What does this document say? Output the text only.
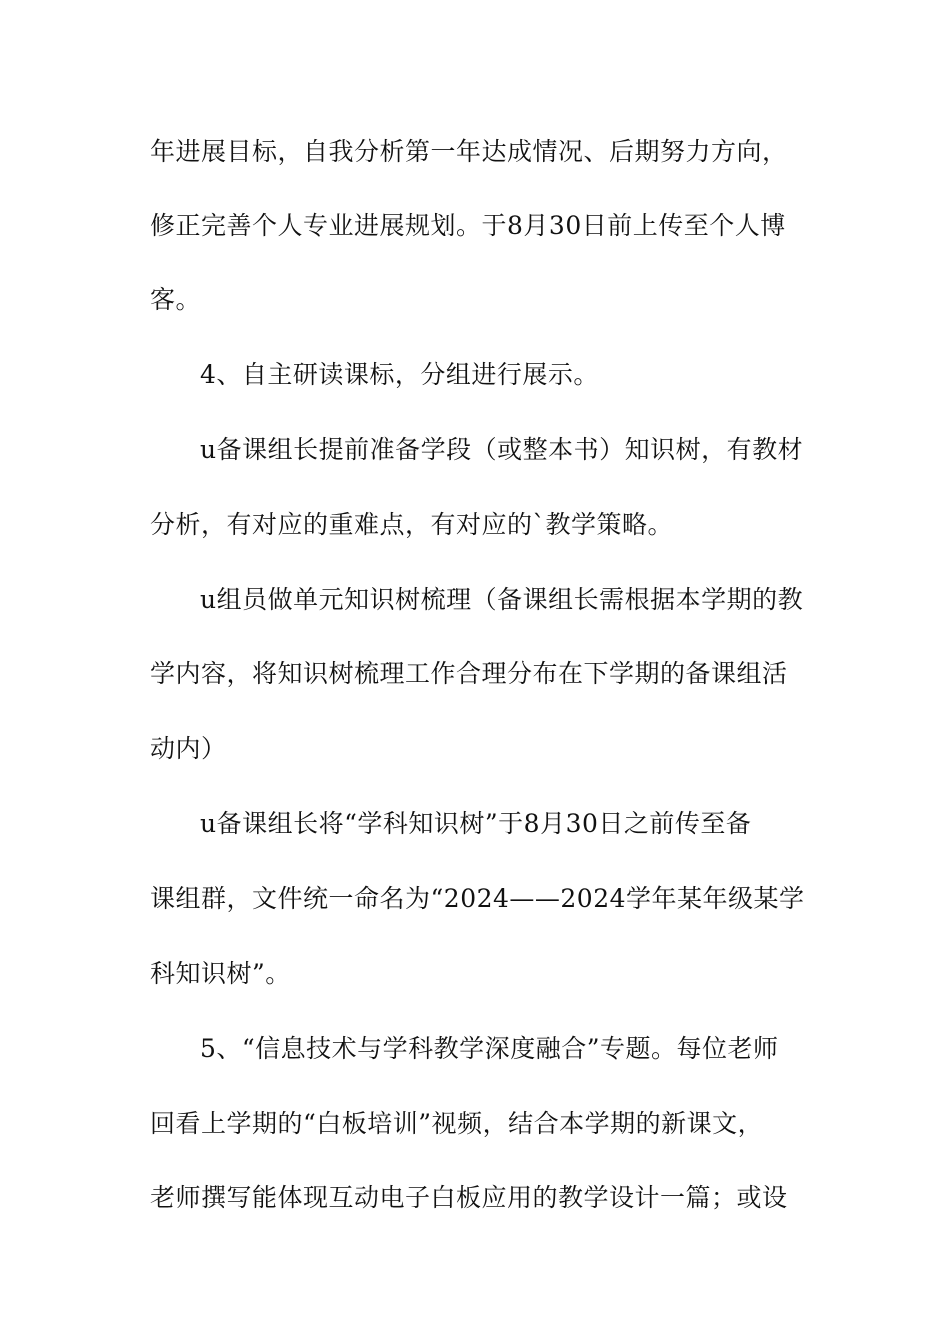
年进展目标，自我分析第一年达成情况、后期努力方向，
修正完善个人专业进展规划。于8月30日前上传至个人博
客。
4、自主研读课标，分组进行展示。
u备课组长提前准备学段（或整本书）知识树，有教材
分析，有对应的重难点，有对应的`教学策略。
u组员做单元知识树梳理（备课组长需根据本学期的教
学内容，将知识树梳理工作合理分布在下学期的备课组活
动内）
u备课组长将“学科知识树”于8月30日之前传至备
课组群，文件统一命名为“2024——2024学年某年级某学
科知识树”。
5、“信息技术与学科教学深度融合”专题。每位老师
回看上学期的“白板培训”视频，结合本学期的新课文，
老师撰写能体现互动电子白板应用的教学设计一篇；或设
